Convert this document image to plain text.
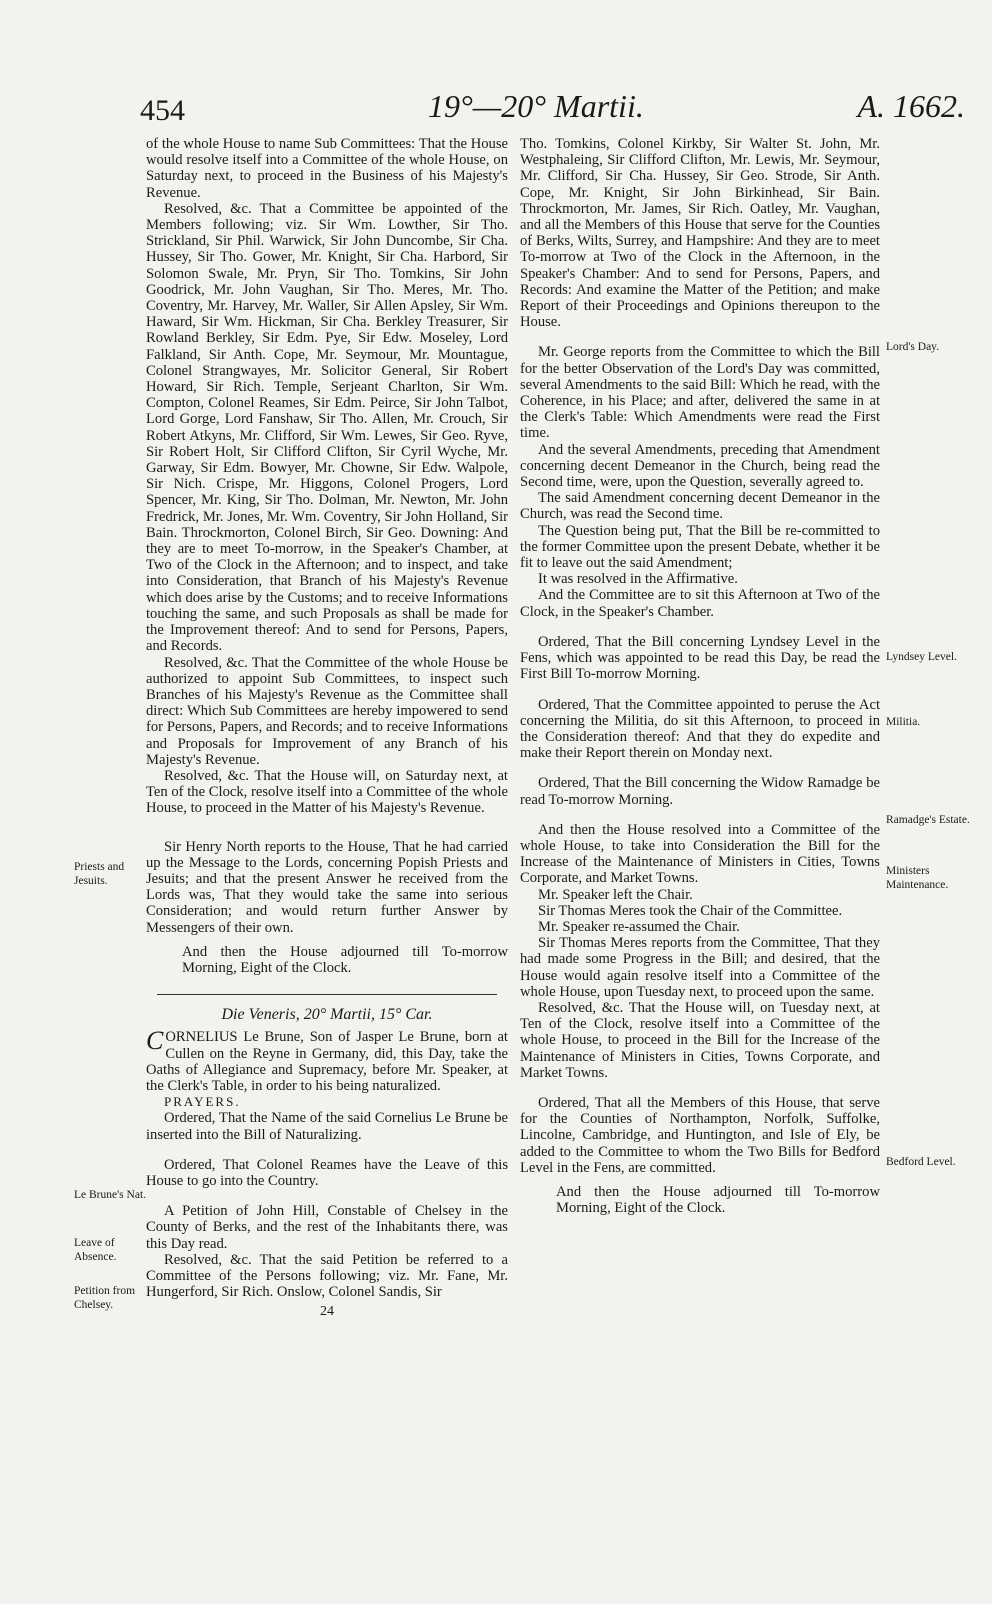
454	19°—20° Martii.	A. 1662.

of the whole House to name Sub Committees: That the House would resolve itself into a Committee of the whole House, on Saturday next, to proceed in the Business of his Majesty's Revenue.

Resolved, &c. That a Committee be appointed of the Members following; viz. Sir Wm. Lowther, Sir Tho. Strickland, Sir Phil. Warwick, Sir John Duncombe, Sir Cha. Hussey, Sir Tho. Gower, Mr. Knight, Sir Cha. Harbord, Sir Solomon Swale, Mr. Pryn, Sir Tho. Tomkins, Sir John Goodrick, Mr. John Vaughan, Sir Tho. Meres, Mr. Tho. Coventry, Mr. Harvey, Mr. Waller, Sir Allen Apsley, Sir Wm. Haward, Sir Wm. Hickman, Sir Cha. Berkley Treasurer, Sir Rowland Berkley, Sir Edm. Pye, Sir Edw. Moseley, Lord Falkland, Sir Anth. Cope, Mr. Seymour, Mr. Mountague, Colonel Strangwayes, Mr. Solicitor General, Sir Robert Howard, Sir Rich. Temple, Serjeant Charlton, Sir Wm. Compton, Colonel Reames, Sir Edm. Peirce, Sir John Talbot, Lord Gorge, Lord Fanshaw, Sir Tho. Allen, Mr. Crouch, Sir Robert Atkyns, Mr. Clifford, Sir Wm. Lewes, Sir Geo. Ryve, Sir Robert Holt, Sir Clifford Clifton, Sir Cyril Wyche, Mr. Garway, Sir Edm. Bowyer, Mr. Chowne, Sir Edw. Walpole, Sir Nich. Crispe, Mr. Higgons, Colonel Progers, Lord Spencer, Mr. King, Sir Tho. Dolman, Mr. Newton, Mr. John Fredrick, Mr. Jones, Mr. Wm. Coventry, Sir John Holland, Sir Bain. Throckmorton, Colonel Birch, Sir Geo. Downing: And they are to meet To-morrow, in the Speaker's Chamber, at Two of the Clock in the Afternoon; and to inspect, and take into Consideration, that Branch of his Majesty's Revenue which does arise by the Customs; and to receive Informations touching the same, and such Proposals as shall be made for the Improvement thereof: And to send for Persons, Papers, and Records.

Resolved, &c. That the Committee of the whole House be authorized to appoint Sub Committees, to inspect such Branches of his Majesty's Revenue as the Committee shall direct: Which Sub Committees are hereby impowered to send for Persons, Papers, and Records; and to receive Informations and Proposals for Improvement of any Branch of his Majesty's Revenue.

Resolved, &c. That the House will, on Saturday next, at Ten of the Clock, resolve itself into a Committee of the whole House, to proceed in the Matter of his Majesty's Revenue.

Sir Henry North reports to the House, That he had carried up the Message to the Lords, concerning Popish Priests and Jesuits; and that the present Answer he received from the Lords was, That they would take the same into serious Consideration; and would return further Answer by Messengers of their own.

And then the House adjourned till To-morrow Morning, Eight of the Clock.

Die Veneris, 20° Martii, 15° Car.

CORNELIUS Le Brune, Son of Jasper Le Brune, born at Cullen on the Reyne in Germany, did, this Day, take the Oaths of Allegiance and Supremacy, before Mr. Speaker, at the Clerk's Table, in order to his being naturalized.

PRAYERS.

Ordered, That the Name of the said Cornelius Le Brune be inserted into the Bill of Naturalizing.

Ordered, That Colonel Reames have the Leave of this House to go into the Country.

A Petition of John Hill, Constable of Chelsey in the County of Berks, and the rest of the Inhabitants there, was this Day read.

Resolved, &c. That the said Petition be referred to a Committee of the Persons following; viz. Mr. Fane, Mr. Hungerford, Sir Rich. Onslow, Colonel Sandis, Sir

24

Tho. Tomkins, Colonel Kirkby, Sir Walter St. John, Mr. Westphaleing, Sir Clifford Clifton, Mr. Lewis, Mr. Seymour, Mr. Clifford, Sir Cha. Hussey, Sir Geo. Strode, Sir Anth. Cope, Mr. Knight, Sir John Birkinhead, Sir Bain. Throckmorton, Mr. James, Sir Rich. Oatley, Mr. Vaughan, and all the Members of this House that serve for the Counties of Berks, Wilts, Surrey, and Hampshire: And they are to meet To-morrow at Two of the Clock in the Afternoon, in the Speaker's Chamber: And to send for Persons, Papers, and Records: And examine the Matter of the Petition; and make Report of their Proceedings and Opinions thereupon to the House.

Mr. George reports from the Committee to which the Bill for the better Observation of the Lord's Day was committed, several Amendments to the said Bill: Which he read, with the Coherence, in his Place; and after, delivered the same in at the Clerk's Table: Which Amendments were read the First time.

And the several Amendments, preceding that Amendment concerning decent Demeanor in the Church, being read the Second time, were, upon the Question, severally agreed to.

The said Amendment concerning decent Demeanor in the Church, was read the Second time.

The Question being put, That the Bill be re-committed to the former Committee upon the present Debate, whether it be fit to leave out the said Amendment;

It was resolved in the Affirmative.

And the Committee are to sit this Afternoon at Two of the Clock, in the Speaker's Chamber.

Ordered, That the Bill concerning Lyndsey Level in the Fens, which was appointed to be read this Day, be read the First Bill To-morrow Morning.

Ordered, That the Committee appointed to peruse the Act concerning the Militia, do sit this Afternoon, to proceed in the Consideration thereof: And that they do expedite and make their Report therein on Monday next.

Ordered, That the Bill concerning the Widow Ramadge be read To-morrow Morning.

And then the House resolved into a Committee of the whole House, to take into Consideration the Bill for the Increase of the Maintenance of Ministers in Cities, Towns Corporate, and Market Towns.

Mr. Speaker left the Chair.

Sir Thomas Meres took the Chair of the Committee.

Mr. Speaker re-assumed the Chair.

Sir Thomas Meres reports from the Committee, That they had made some Progress in the Bill; and desired, that the House would again resolve itself into a Committee of the whole House, upon Tuesday next, to proceed upon the same.

Resolved, &c. That the House will, on Tuesday next, at Ten of the Clock, resolve itself into a Committee of the whole House, to proceed in the Bill for the Increase of the Maintenance of Ministers in Cities, Towns Corporate, and Market Towns.

Ordered, That all the Members of this House, that serve for the Counties of Northampton, Norfolk, Suffolke, Lincolne, Cambridge, and Huntington, and Isle of Ely, be added to the Committee to whom the Two Bills for Bedford Level in the Fens, are committed.

And then the House adjourned till To-morrow Morning, Eight of the Clock.

Priests and Jesuits.
Le Brune's Nat.
Leave of Absence.
Petition from Chelsey.
Lord's Day.
Lyndsey Level.
Militia.
Ramadge's Estate.
Ministers Maintenance.
Bedford Level.
